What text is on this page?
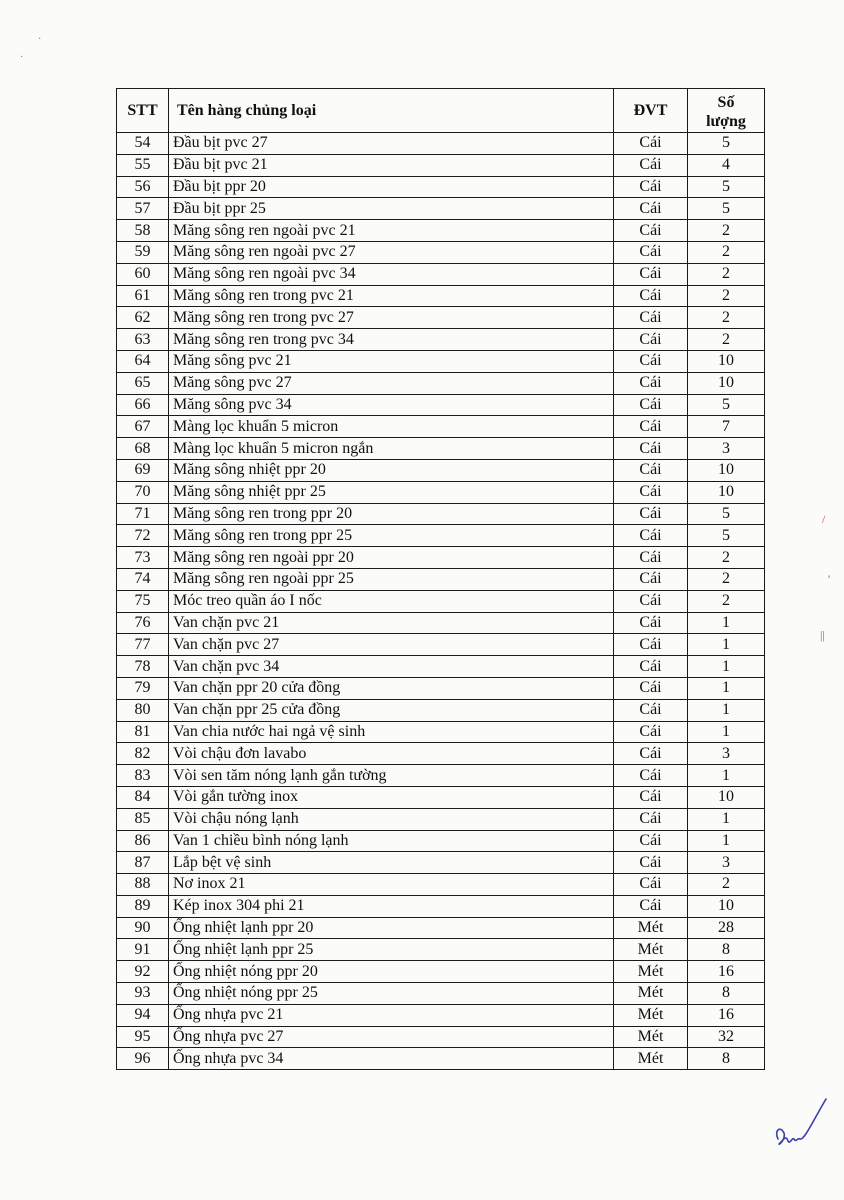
·
·
STT	Tên hàng chủng loại	ĐVT	Số
lượng

54	Đầu bịt pvc 27	Cái	5
55	Đầu bịt pvc 21	Cái	4
56	Đầu bịt ppr 20	Cái	5
57	Đầu bịt ppr 25	Cái	5
58	Măng sông ren ngoài pvc 21	Cái	2
59	Măng sông ren ngoài pvc 27	Cái	2
60	Măng sông ren ngoài pvc 34	Cái	2
61	Măng sông ren trong pvc 21	Cái	2
62	Măng sông ren trong pvc 27	Cái	2
63	Măng sông ren trong pvc 34	Cái	2
64	Măng sông pvc 21	Cái	10
65	Măng sông pvc 27	Cái	10
66	Măng sông pvc 34	Cái	5
67	Màng lọc khuẩn 5 micron	Cái	7
68	Màng lọc khuẩn 5 micron ngắn	Cái	3
69	Măng sông nhiệt ppr 20	Cái	10
70	Măng sông nhiệt ppr 25	Cái	10
71	Măng sông ren trong ppr 20	Cái	5
72	Măng sông ren trong ppr 25	Cái	5
73	Măng sông ren ngoài ppr 20	Cái	2
74	Măng sông ren ngoài ppr 25	Cái	2
75	Móc treo quần áo I nốc	Cái	2
76	Van chặn pvc 21	Cái	1
77	Van chặn pvc 27	Cái	1
78	Van chặn pvc 34	Cái	1
79	Van chặn ppr 20 cửa đồng	Cái	1
80	Van chặn ppr 25 cửa đồng	Cái	1
81	Van chia nước hai ngả vệ sinh	Cái	1
82	Vòi chậu đơn lavabo	Cái	3
83	Vòi sen tăm nóng lạnh gắn tường	Cái	1
84	Vòi gắn tường inox	Cái	10
85	Vòi chậu nóng lạnh	Cái	1
86	Van 1 chiều bình nóng lạnh	Cái	1
87	Lắp bệt vệ sinh	Cái	3
88	Nơ inox 21	Cái	2
89	Kép inox 304 phi 21	Cái	10
90	Ống nhiệt lạnh ppr 20	Mét	28
91	Ống nhiệt lạnh ppr 25	Mét	8
92	Ống nhiệt nóng ppr 20	Mét	16
93	Ống nhiệt nóng ppr 25	Mét	8
94	Ống nhựa pvc 21	Mét	16
95	Ống nhựa pvc 27	Mét	32
96	Ống nhựa pvc 34	Mét	8
/
'
||
